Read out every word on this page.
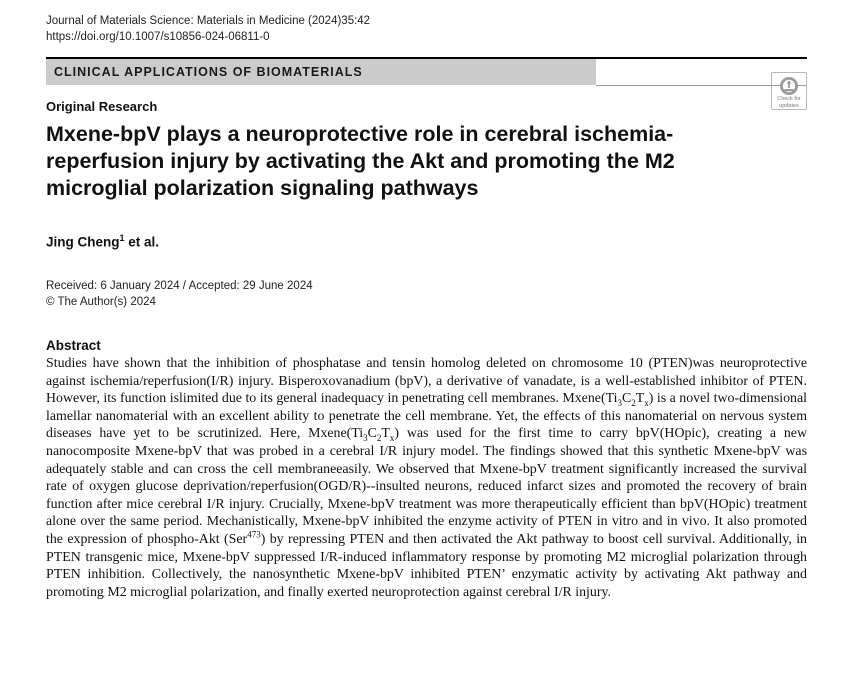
Journal of Materials Science: Materials in Medicine (2024)35:42
https://doi.org/10.1007/s10856-024-06811-0
CLINICAL APPLICATIONS OF BIOMATERIALS
Check for
updates
Original Research
Mxene-bpV plays a neuroprotective role in cerebral ischemia-reperfusion injury by activating the Akt and promoting the M2 microglial polarization signaling pathways
Jing Cheng$^1$ et al.
Received: 6 January 2024 / Accepted: 29 June 2024
© The Author(s) 2024
Abstract

Studies have shown that the inhibition of phosphatase and tensin homolog deleted on chromosome 10 (PTEN)was neuroprotective against ischemia/reperfusion(I/R) injury. Bisperoxovanadium (bpV), a derivative of vanadate, is a well-established inhibitor of PTEN. However, its function islimited due to its general inadequacy in penetrating cell membranes. $Mxene(Ti_3C_2T_x)$ is a novel two-dimensional lamellar nanomaterial with an excellent ability to penetrate the cell membrane. Yet, the effects of this nanomaterial on nervous system diseases have yet to be scrutinized. Here, $Mxene(Ti_3C_2T_x)$ was used for the first time to carry bpV(HOpic), creating a new nanocomposite Mxene-bpV that was probed in a cerebral I/R injury model. The findings showed that this synthetic Mxene-bpV was adequately stable and can cross the cell membraneeasily. We observed that Mxene-bpV treatment significantly increased the survival rate of oxygen glucose deprivation/reperfusion(OGD/R)--insulted neurons, reduced infarct sizes and promoted the recovery of brain function after mice cerebral I/R injury. Crucially, Mxene-bpV treatment was more therapeutically efficient than bpV(HOpic) treatment alone over the same period. Mechanistically, Mxene-bpV inhibited the enzyme activity of PTEN in vitro and in vivo. It also promoted the expression of phospho-Akt (Ser$^{473}$) by repressing PTEN and then activated the Akt pathway to boost cell survival. Additionally, in PTEN transgenic mice, Mxene-bpV suppressed I/R-induced inflammatory response by promoting M2 microglial polarization through PTEN inhibition. Collectively, the nanosynthetic Mxene-bpV inhibited PTEN’ enzymatic activity by activating Akt pathway and promoting M2 microglial polarization, and finally exerted neuroprotection against cerebral I/R injury.
